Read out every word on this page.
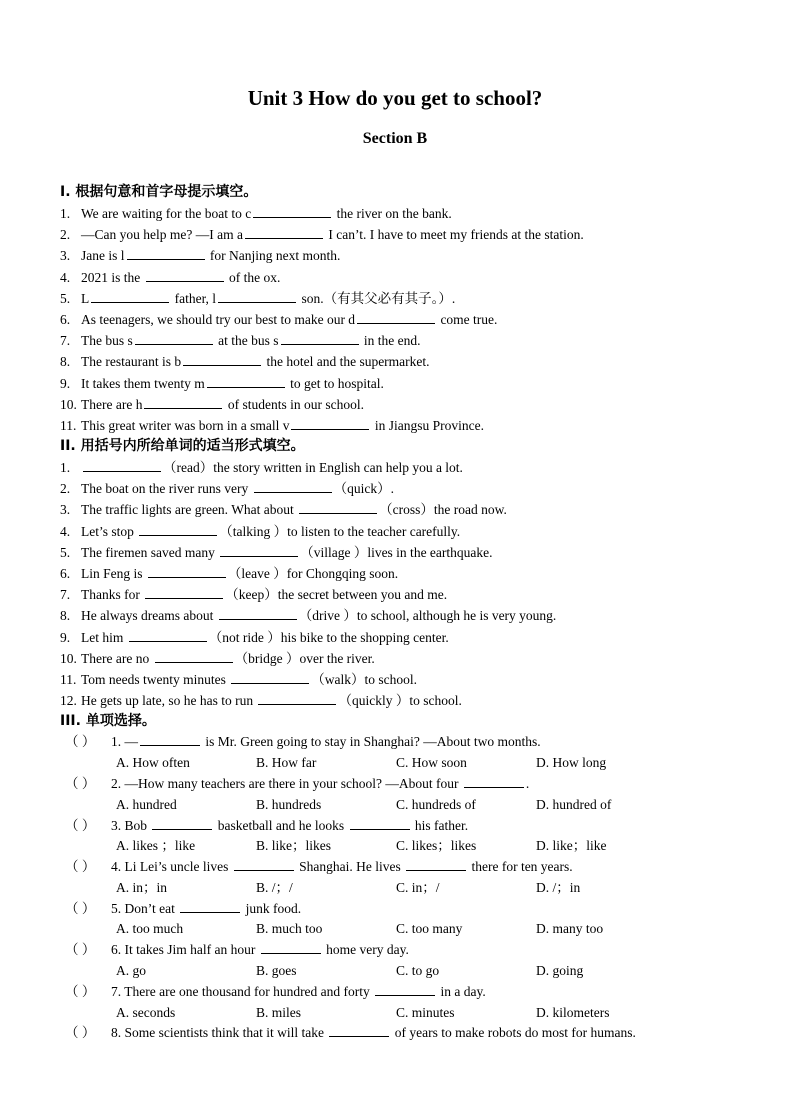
Unit 3 How do you get to school?
Section B
I. 根据句意和首字母提示填空。
1. We are waiting for the boat to c	the river on the bank.
2. —Can you help me? —I am a	I can’t. I have to meet my friends at the station.
3. Jane is l	for Nanjing next month.
4. 2021 is the	of the ox.
5. L	father, l	son.（有其父必有其子。）.
6. As teenagers, we should try our best to make our d	come true.
7. The bus s	at the bus s	in the end.
8. The restaurant is b	the hotel and the supermarket.
9. It takes them twenty m	to get to hospital.
10. There are h	of students in our school.
11. This great writer was born in a small v	in Jiangsu Province.
II. 用括号内所给单词的适当形式填空。
1.	（read）the story written in English can help you a lot.
2. The boat on the river runs very	（quick）.
3. The traffic lights are green. What about	（cross）the road now.
4. Let’s stop	（talking ）to listen to the teacher carefully.
5. The firemen saved many	（village ）lives in the earthquake.
6. Lin Feng is	（leave ）for Chongqing soon.
7. Thanks for	（keep）the secret between you and me.
8. He always dreams about	（drive ）to school, although he is very young.
9. Let him	（not ride ）his bike to the shopping center.
10. There are no	（bridge ）over the river.
11. Tom needs twenty minutes	（walk）to school.
12. He gets up late, so he has to run	（quickly ）to school.
III. 单项选择。
（ ） 1. —	is Mr. Green going to stay in Shanghai? —About two months.
A. How often	B. How far	C. How soon	D. How long
（ ） 2. —How many teachers are there in your school? —About four	.
A. hundred	B. hundreds	C. hundreds of	D. hundred of
（ ） 3. Bob	basketball and he looks	his father.
A. likes ；like	B. like；likes	C. likes；likes	D. like；like
（ ） 4. Li Lei’s uncle lives	Shanghai. He lives	there for ten years.
A. in；in	B. /；/	C. in；/	D. /；in
（ ） 5. Don’t eat	junk food.
A. too much	B. much too	C. too many	D. many too
（ ） 6. It takes Jim half an hour	home very day.
A. go	B. goes	C. to go	D. going
（ ） 7. There are one thousand for hundred and forty	in a day.
A. seconds	B. miles	C. minutes	D. kilometers
（ ） 8. Some scientists think that it will take	of years to make robots do most for humans.
